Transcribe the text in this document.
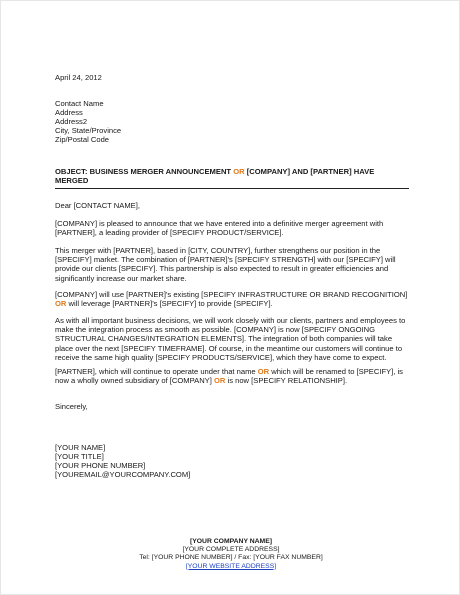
April 24, 2012
Contact Name
Address
Address2
City, State/Province
Zip/Postal Code
OBJECT: BUSINESS MERGER ANNOUNCEMENT OR [COMPANY] AND [PARTNER] HAVE
MERGED
Dear [CONTACT NAME],
[COMPANY] is pleased to announce that we have entered into a definitive merger agreement with
[PARTNER], a leading provider of [SPECIFY PRODUCT/SERVICE].
This merger with [PARTNER], based in [CITY, COUNTRY], further strengthens our position in the
[SPECIFY] market. The combination of [PARTNER]'s [SPECIFY STRENGTH] with our [SPECIFY] will
provide our clients [SPECIFY]. This partnership is also expected to result in greater efficiencies and
significantly increase our market share.
[COMPANY] will use [PARTNER]'s existing [SPECIFY INFRASTRUCTURE OR BRAND RECOGNITION]
OR will leverage [PARTNER]'s [SPECIFY] to provide [SPECIFY].
As with all important business decisions, we will work closely with our clients, partners and employees to
make the integration process as smooth as possible. [COMPANY] is now [SPECIFY ONGOING
STRUCTURAL CHANGES/INTEGRATION ELEMENTS]. The integration of both companies will take
place over the next [SPECIFY TIMEFRAME]. Of course, in the meantime our customers will continue to
receive the same high quality [SPECIFY PRODUCTS/SERVICE], which they have come to expect.
[PARTNER], which will continue to operate under that name OR which will be renamed to [SPECIFY], is
now a wholly owned subsidiary of [COMPANY] OR is now [SPECIFY RELATIONSHIP].
Sincerely,
[YOUR NAME]
[YOUR TITLE]
[YOUR PHONE NUMBER]
[YOUREMAIL@YOURCOMPANY.COM]
[YOUR COMPANY NAME]
[YOUR COMPLETE ADDRESS]
Tel: [YOUR PHONE NUMBER] / Fax: [YOUR FAX NUMBER]
[YOUR WEBSITE ADDRESS]
